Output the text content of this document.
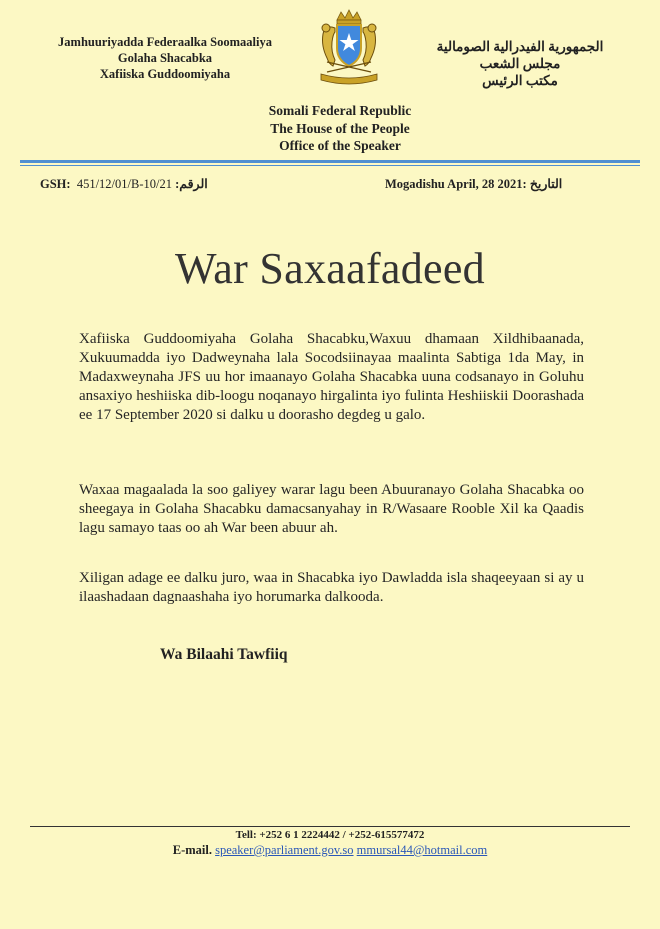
Jamhuuriyadda Federaalka Soomaaliya
Golaha Shacabka
Xafiiska Guddoomiyaha
الجمهورية الفيدرالية الصومالية
مجلس الشعب
مكتب الرئيس
Somali Federal Republic
The House of the People
Office of the Speaker
GSH: 451/12/01/B-10/21 الرقم:	Mogadishu April, 28 2021: التاريخ
War Saxaafadeed
Xafiiska Guddoomiyaha Golaha Shacabku,Waxuu dhamaan Xildhibaanada, Xukuumadda iyo Dadweynaha lala Socodsiinayaa maalinta Sabtiga 1da May, in Madaxweynaha JFS uu hor imaanayo Golaha Shacabka uuna codsanayo in Goluhu ansaxiyo heshiiska dib-loogu noqanayo hirgalinta iyo fulinta Heshiiskii Doorashada ee 17 September 2020 si dalku u doorasho degdeg u galo.
Waxaa magaalada la soo galiyey warar lagu been Abuuranayo Golaha Shacabka oo sheegaya in Golaha Shacabku damacsanyahay in R/Wasaare Rooble Xil ka Qaadis lagu samayo taas oo ah War been abuur ah.
Xiligan adage ee dalku juro, waa in Shacabka iyo Dawladda isla shaqeeyaan si ay u ilaashadaan dagnaashaha iyo horumarka dalkooda.
Wa Bilaahi Tawfiiq
Tell: +252 6 1 2224442 / +252-615577472
E-mail. speaker@parliament.gov.so mmursal44@hotmail.com
